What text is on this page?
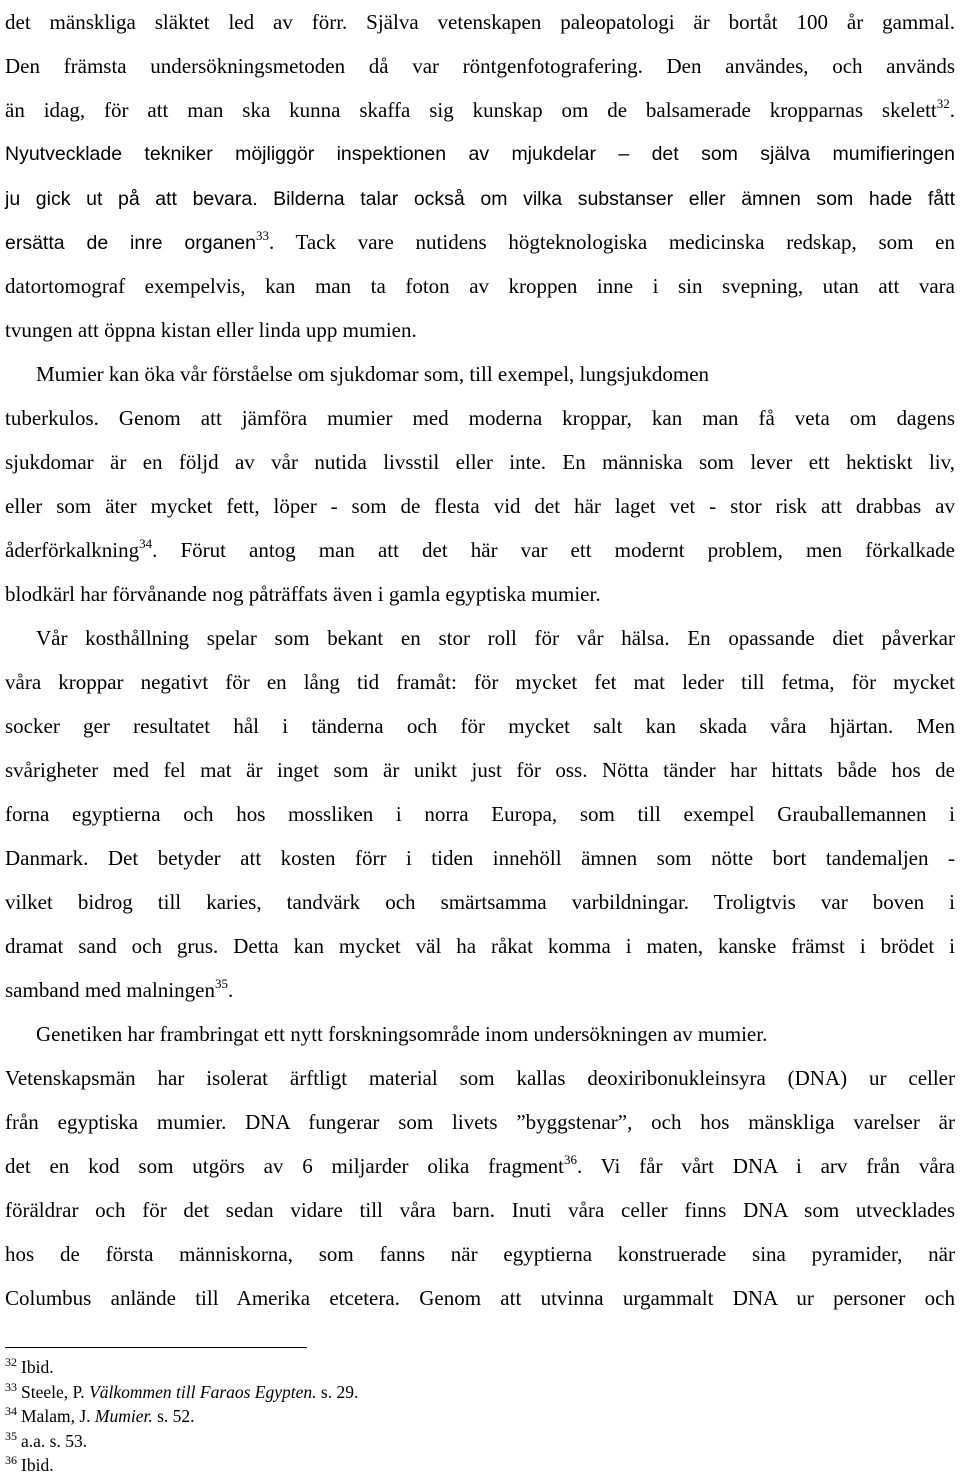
det mänskliga släktet led av förr. Själva vetenskapen paleopatologi är bortåt 100 år gammal.
Den främsta undersökningsmetoden då var röntgenfotografering. Den användes, och används
än idag, för att man ska kunna skaffa sig kunskap om de balsamerade kropparnas skelett$^{32}$.
Nyutvecklade tekniker möjliggör inspektionen av mjukdelar – det som själva mumifieringen
ju gick ut på att bevara. Bilderna talar också om vilka substanser eller ämnen som hade fått
ersätta de inre organen$^{33}$. Tack vare nutidens högteknologiska medicinska redskap, som en
datortomograf exempelvis, kan man ta foton av kroppen inne i sin svepning, utan att vara
tvungen att öppna kistan eller linda upp mumien.
Mumier kan öka vår förståelse om sjukdomar som, till exempel, lungsjukdomen
tuberkulos. Genom att jämföra mumier med moderna kroppar, kan man få veta om dagens
sjukdomar är en följd av vår nutida livsstil eller inte. En människa som lever ett hektiskt liv,
eller som äter mycket fett, löper - som de flesta vid det här laget vet - stor risk att drabbas av
åderförkalkning$^{34}$. Förut antog man att det här var ett modernt problem, men förkalkade
blodkärl har förvånande nog påträffats även i gamla egyptiska mumier.
Vår kosthållning spelar som bekant en stor roll för vår hälsa. En opassande diet påverkar
våra kroppar negativt för en lång tid framåt: för mycket fet mat leder till fetma, för mycket
socker ger resultatet hål i tänderna och för mycket salt kan skada våra hjärtan. Men
svårigheter med fel mat är inget som är unikt just för oss. Nötta tänder har hittats både hos de
forna egyptierna och hos mossliken i norra Europa, som till exempel Grauballemannen i
Danmark. Det betyder att kosten förr i tiden innehöll ämnen som nötte bort tandemaljen -
vilket bidrog till karies, tandvärk och smärtsamma varbildningar. Troligtvis var boven i
dramat sand och grus. Detta kan mycket väl ha råkat komma i maten, kanske främst i brödet i
samband med malningen$^{35}$.
Genetiken har frambringat ett nytt forskningsområde inom undersökningen av mumier.
Vetenskapsmän har isolerat ärftligt material som kallas deoxiribonukleinsyra (DNA) ur celler
från egyptiska mumier. DNA fungerar som livets ”byggstenar”, och hos mänskliga varelser är
det en kod som utgörs av 6 miljarder olika fragment$^{36}$. Vi får vårt DNA i arv från våra
föräldrar och för det sedan vidare till våra barn. Inuti våra celler finns DNA som utvecklades
hos de första människorna, som fanns när egyptierna konstruerade sina pyramider, när
Columbus anlände till Amerika etcetera. Genom att utvinna urgammalt DNA ur personer och
$^{32}$ Ibid.
$^{33}$ Steele, P. Välkommen till Faraos Egypten. s. 29.
$^{34}$ Malam, J. Mumier. s. 52.
$^{35}$ a.a. s. 53.
$^{36}$ Ibid.
